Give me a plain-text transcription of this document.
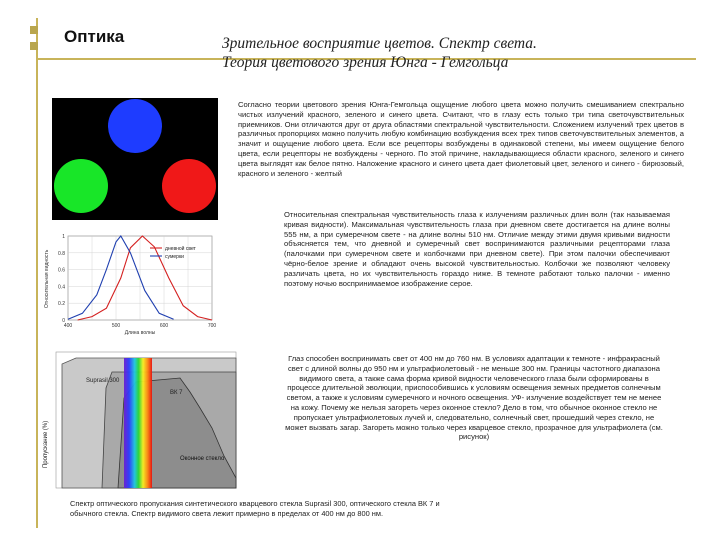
Оптика	Зрительное восприятие цветов. Спектр света.
Теория цветового зрения Юнга - Гемгольца
Согласно теории цветового зрения Юнга-Гемгольца ощущение любого цвета можно получить смешиванием спектрально чистых излучений красного, зеленого и синего цвета. Считают, что в глазу есть только три типа светочувствительных приемников. Они отличаются друг от друга областями спектральной чувствительности. Сложением излучений трех цветов в различных пропорциях можно получить любую комбинацию возбуждения всех трех типов светочувствительных элементов, а значит и ощущение любого цвета. Если все рецепторы возбуждены в одинаковой степени, мы имеем ощущение белого цвета, если рецепторы не возбуждены - черного. По этой причине, накладывающиеся области красного, зеленого и синего цвета выглядят как белое пятно. Наложение красного и синего цвета дает фиолетовый цвет, зеленого и синего - бирюзовый, красного и зеленого - желтый
1
0.8
0.6
0.4
0.2
0
400	500	600	700
Относительная видность
Длина волны
дневной свет
сумерки
Относительная спектральная чувствительность глаза к излучениям различных длин волн (так называемая кривая видности). Максимальная чувствительность глаза при дневном свете достигается на длине волны 555 нм, а при сумеречном свете - на длине волны 510 нм. Отличие между этими двумя кривыми видности объясняется тем, что дневной и сумеречный свет воспринимаются различными рецепторами глаза (палочками при сумеречном свете и колбочками при дневном свете). При этом палочки обеспечивают чёрно-белое зрение и обладают очень высокой чувствительностью. Колбочки же позволяют человеку различать цвета, но их чувствительность гораздо ниже. В темноте работают только палочки - именно поэтому ночью воспринимаемое изображение серое.
Suprasil 300
ВК 7
Оконное стекло
Пропускание (%)
Глаз способен воспринимать свет от 400 нм до 760 нм. В условиях адаптации к темноте - инфракрасный свет с длиной волны до 950 нм и ультрафиолетовый - не меньше 300 нм. Границы частотного диапазона видимого света, а также сама форма кривой видности человеческого глаза были сформированы в процессе длительной эволюции, приспособившись к условиям освещения земных предметов солнечным светом, а также к условиям сумеречного и ночного освещения. УФ- излучение воздействует тем не менее на кожу. Почему же нельзя загореть через оконное стекло? Дело в том, что обычное оконное стекло не пропускает ультрафиолетовых лучей и, следовательно, солнечный свет, прошедший через стекло, не может вызвать загар. Загореть можно только через кварцевое стекло, прозрачное для ультрафиолета (см. рисунок)
Спектр оптического пропускания синтетического кварцевого стекла Suprasil 300, оптического стекла ВК 7 и обычного стекла. Спектр видимого света лежит примерно в пределах от 400 нм до 800 нм.
